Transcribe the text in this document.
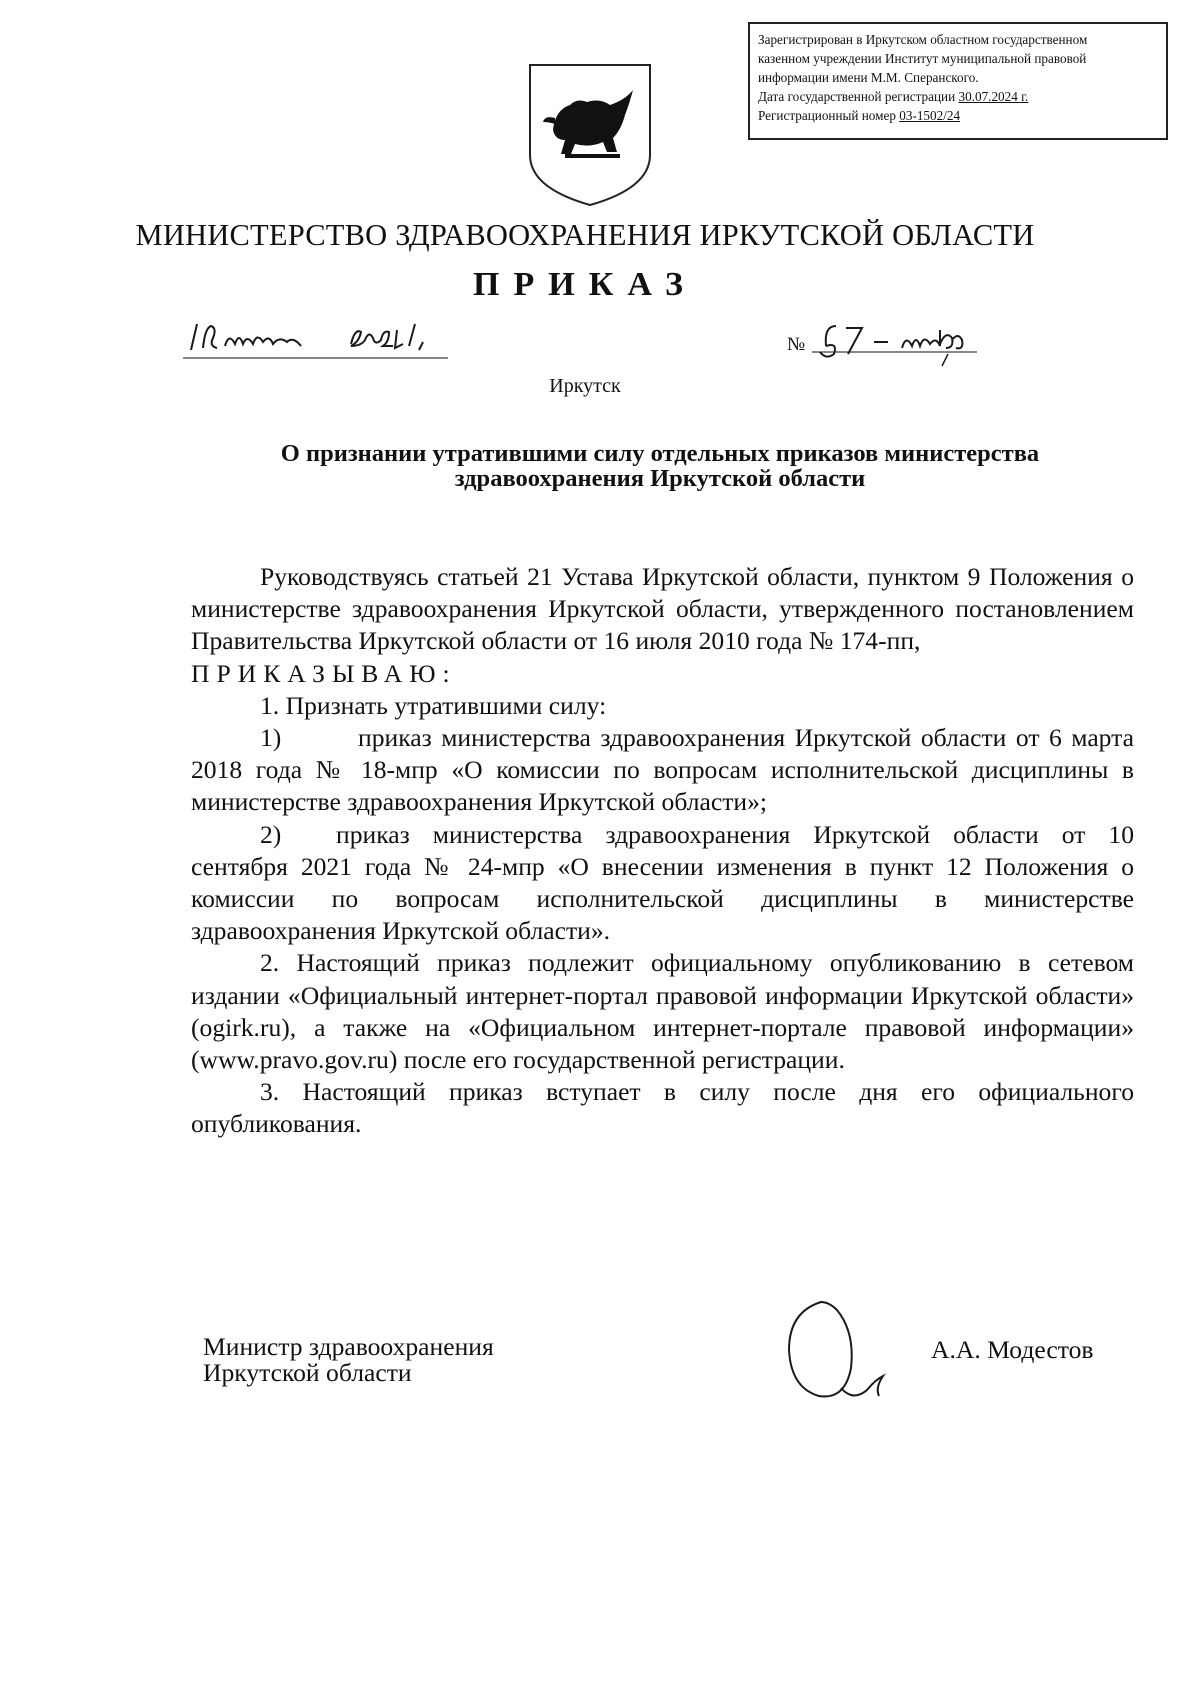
Зарегистрирован в Иркутском областном государственном
казенном учреждении Институт муниципальной правовой
информации имени М.М. Сперанского.
Дата государственной регистрации 30.07.2024 г.
Регистрационный номер 03-1502/24
МИНИСТЕРСТВО ЗДРАВООХРАНЕНИЯ ИРКУТСКОЙ ОБЛАСТИ
ПРИКАЗ
№
Иркутск
О признании утратившими силу отдельных приказов министерства
здравоохранения Иркутской области

Руководствуясь статьей 21 Устава Иркутской области, пунктом 9 Положения о министерстве здравоохранения Иркутской области, утвержденного постановлением Правительства Иркутской области от 16 июля 2010 года № 174-пп,

ПРИКАЗЫВАЮ:

1. Признать утратившими силу:

1)	приказ министерства здравоохранения Иркутской области от 6 марта 2018 года № 18-мпр «О комиссии по вопросам исполнительской дисциплины в министерстве здравоохранения Иркутской области»;

2) приказ министерства здравоохранения Иркутской области от 10 сентября 2021 года № 24-мпр «О внесении изменения в пункт 12 Положения о комиссии по вопросам исполнительской дисциплины в министерстве здравоохранения Иркутской области».

2. Настоящий приказ подлежит официальному опубликованию в сетевом издании «Официальный интернет-портал правовой информации Иркутской области» (ogirk.ru), а также на «Официальном интернет-портале правовой информации» (www.pravo.gov.ru) после его государственной регистрации.

3. Настоящий приказ вступает в силу после дня его официального опубликования.

Министр здравоохранения
Иркутской области
А.А. Модестов
